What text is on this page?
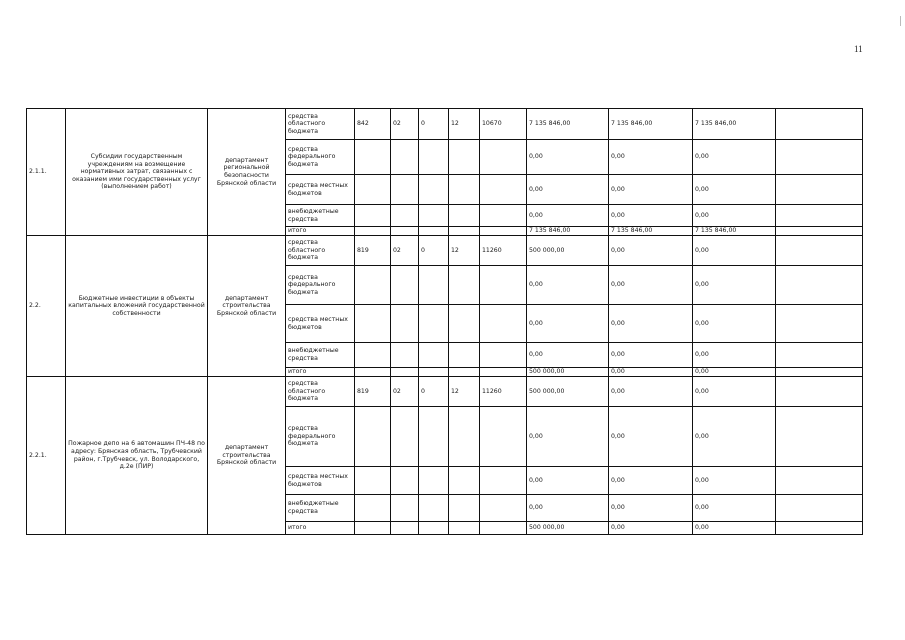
11
2.1.1.	Субсидии государственным учреждениям на возмещение нормативных затрат, связанных с оказанием ими государственных услуг (выполнением работ)	департамент региональной безопасности Брянской области	средства областного бюджета	842	02	0	12	10670	7 135 846,00	7 135 846,00	7 135 846,00	
			средства федерального бюджета						0,00	0,00	0,00	
			средства местных бюджетов						0,00	0,00	0,00	
			внебюджетные средства						0,00	0,00	0,00	
			итого						7 135 846,00	7 135 846,00	7 135 846,00	
2.2.	Бюджетные инвестиции в объекты капитальных вложений государственной собственности	департамент строительства Брянской области	средства областного бюджета	819	02	0	12	11260	500 000,00	0,00	0,00	
			средства федерального бюджета						0,00	0,00	0,00	
			средства местных бюджетов						0,00	0,00	0,00	
			внебюджетные средства						0,00	0,00	0,00	
			итого						500 000,00	0,00	0,00	
2.2.1.	Пожарное депо на 6 автомашин ПЧ-48 по адресу: Брянская область, Трубчевский район, г.Трубчевск, ул. Володарского, д.2е (ПИР)	департамент строительства Брянской области	средства областного бюджета	819	02	0	12	11260	500 000,00	0,00	0,00	
			средства федерального бюджета						0,00	0,00	0,00	
			средства местных бюджетов						0,00	0,00	0,00	
			внебюджетные средства						0,00	0,00	0,00	
			итого						500 000,00	0,00	0,00	
